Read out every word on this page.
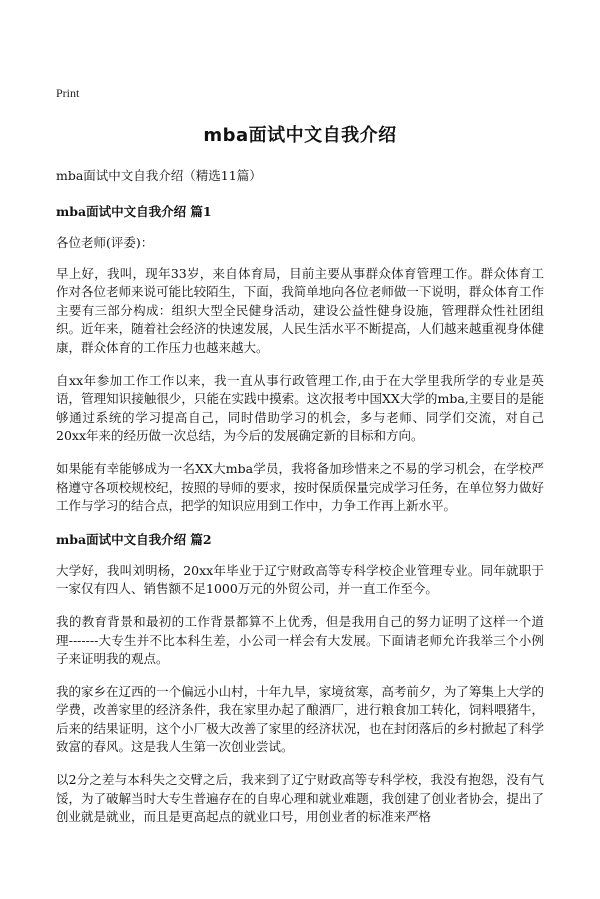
Print
mba面试中文自我介绍
mba面试中文自我介绍（精选11篇）
mba面试中文自我介绍 篇1

各位老师(评委)：

早上好，我叫，现年33岁，来自体育局，目前主要从事群众体育管理工作。群众体育工作对各位老师来说可能比较陌生，下面，我简单地向各位老师做一下说明，群众体育工作主要有三部分构成：组织大型全民健身活动，建设公益性健身设施，管理群众性社团组织。近年来，随着社会经济的快速发展，人民生活水平不断提高，人们越来越重视身体健康，群众体育的工作压力也越来越大。

自xx年参加工作工作以来，我一直从事行政管理工作,由于在大学里我所学的专业是英语，管理知识接触很少，只能在实践中摸索。这次报考中国XX大学的mba,主要目的是能够通过系统的学习提高自己，同时借助学习的机会，多与老师、同学们交流，对自己20xx年来的经历做一次总结，为今后的发展确定新的目标和方向。

如果能有幸能够成为一名XX大mba学员，我将备加珍惜来之不易的学习机会，在学校严格遵守各项校规校纪，按照的导师的要求，按时保质保量完成学习任务，在单位努力做好工作与学习的结合点，把学的知识应用到工作中，力争工作再上新水平。

mba面试中文自我介绍 篇2

大学好，我叫刘明杨，20xx年毕业于辽宁财政高等专科学校企业管理专业。同年就职于一家仅有四人、销售额不足1000万元的外贸公司，并一直工作至今。

我的教育背景和最初的工作背景都算不上优秀，但是我用自己的努力证明了这样一个道理-------大专生并不比本科生差，小公司一样会有大发展。下面请老师允许我举三个小例子来证明我的观点。

我的家乡在辽西的一个偏远小山村，十年九旱，家境贫寒，高考前夕，为了筹集上大学的学费，改善家里的经济条件，我在家里办起了酿酒厂，进行粮食加工转化，饲料喂猪牛，后来的结果证明，这个小厂极大改善了家里的经济状况，也在封闭落后的乡村掀起了科学致富的春风。这是我人生第一次创业尝试。

以2分之差与本科失之交臂之后，我来到了辽宁财政高等专科学校，我没有抱怨，没有气馁，为了破解当时大专生普遍存在的自卑心理和就业难题，我创建了创业者协会，提出了创业就是就业，而且是更高起点的就业口号，用创业者的标准来严格
